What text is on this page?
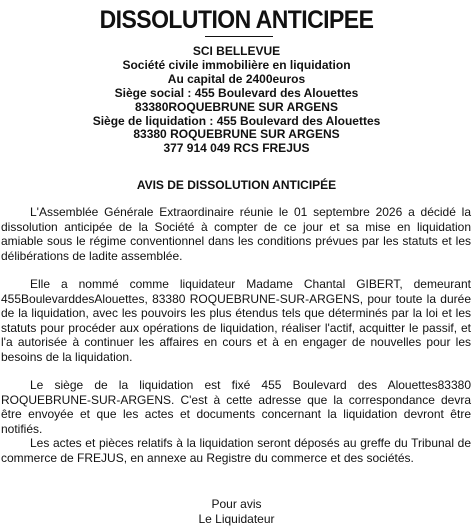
DISSOLUTION ANTICIPEE
SCI BELLEVUE
Société civile immobilière en liquidation
Au capital de 2400euros
Siège social : 455 Boulevard des Alouettes
83380ROQUEBRUNE SUR ARGENS
Siège de liquidation : 455 Boulevard des Alouettes
83380 ROQUEBRUNE SUR ARGENS
377 914 049 RCS FREJUS
AVIS DE DISSOLUTION ANTICIPÉE

L'Assemblée Générale Extraordinaire réunie le 01 septembre 2026 a décidé la dissolution anticipée de la Société à compter de ce jour et sa mise en liquidation amiable sous le régime conventionnel dans les conditions prévues par les statuts et les délibérations de ladite assemblée.

Elle a nommé comme liquidateur Madame Chantal GIBERT, demeurant 455BoulevarddesAlouettes, 83380 ROQUEBRUNE-SUR-ARGENS, pour toute la durée de la liquidation, avec les pouvoirs les plus étendus tels que déterminés par la loi et les statuts pour procéder aux opérations de liquidation, réaliser l'actif, acquitter le passif, et l'a autorisée à continuer les affaires en cours et à en engager de nouvelles pour les besoins de la liquidation.

Le siège de la liquidation est fixé 455 Boulevard des Alouettes83380 ROQUEBRUNE-SUR-ARGENS. C'est à cette adresse que la correspondance devra être envoyée et que les actes et documents concernant la liquidation devront être notifiés.

Les actes et pièces relatifs à la liquidation seront déposés au greffe du Tribunal de commerce de FREJUS, en annexe au Registre du commerce et des sociétés.

Pour avis
Le Liquidateur
